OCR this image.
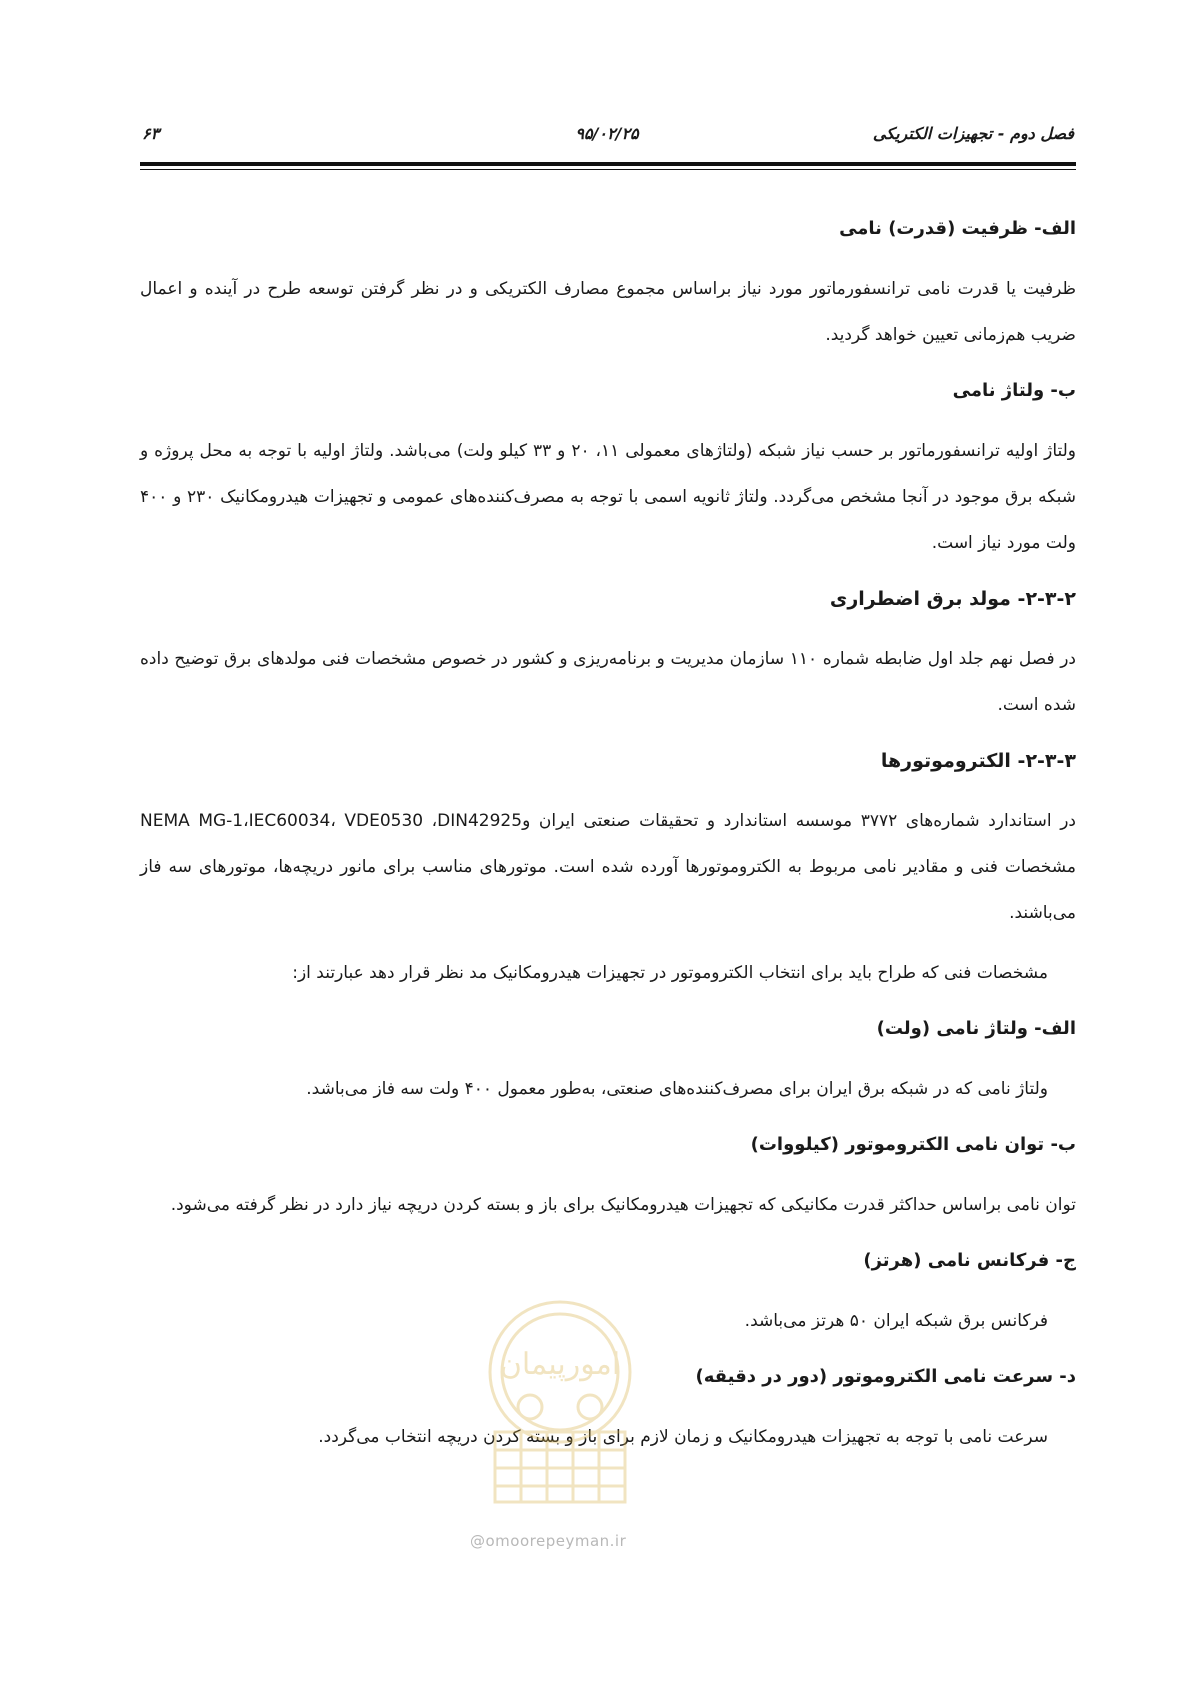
فصل دوم - تجهیزات الکتریکی
۹۵/۰۲/۲۵
۶۳
الف- ظرفیت (قدرت) نامی

ظرفیت یا قدرت نامی ترانسفورماتور مورد نیاز براساس مجموع مصارف الکتریکی و در نظر گرفتن توسعه طرح در آینده و اعمال ضریب هم‌زمانی تعیین خواهد گردید.

ب- ولتاژ نامی

ولتاژ اولیه ترانسفورماتور بر حسب نیاز شبکه (ولتاژهای معمولی ۱۱، ۲۰ و ۳۳ کیلو ولت) می‌باشد. ولتاژ اولیه با توجه به محل پروژه و شبکه برق موجود در آنجا مشخص می‌گردد. ولتاژ ثانویه اسمی با توجه به مصرف‌کننده‌های عمومی و تجهیزات هیدرومکانیک ۲۳۰ و ۴۰۰ ولت مورد نیاز است.

۲-۳-۲- مولد برق اضطراری

در فصل نهم جلد اول ضابطه شماره ۱۱۰ سازمان مدیریت و برنامه‌ریزی و کشور در خصوص مشخصات فنی مولدهای برق توضیح داده شده است.

۲-۳-۳- الکتروموتورها

در استاندارد شماره‌های ۳۷۷۲ موسسه استاندارد و تحقیقات صنعتی ایران وNEMA MG-1،IEC60034، VDE0530 ،DIN42925 مشخصات فنی و مقادیر نامی مربوط به الکتروموتورها آورده شده است. موتورهای مناسب برای مانور دریچه‌ها، موتورهای سه فاز می‌باشند.

مشخصات فنی که طراح باید برای انتخاب الکتروموتور در تجهیزات هیدرومکانیک مد نظر قرار دهد عبارتند از:

الف- ولتاژ نامی (ولت)

ولتاژ نامی که در شبکه برق ایران برای مصرف‌کننده‌های صنعتی، به‌طور معمول ۴۰۰ ولت سه فاز می‌باشد.

ب- توان نامی الکتروموتور (کیلووات)

توان نامی براساس حداکثر قدرت مکانیکی که تجهیزات هیدرومکانیک برای باز و بسته کردن دریچه نیاز دارد در نظر گرفته می‌شود.

ج- فرکانس نامی (هرتز)

فرکانس برق شبکه ایران ۵۰ هرتز می‌باشد.

د- سرعت نامی الکتروموتور (دور در دقیقه)

سرعت نامی با توجه به تجهیزات هیدرومکانیک و زمان لازم برای باز و بسته کردن دریچه انتخاب می‌گردد.

امورپیمان
@omoorepeyman.ir
